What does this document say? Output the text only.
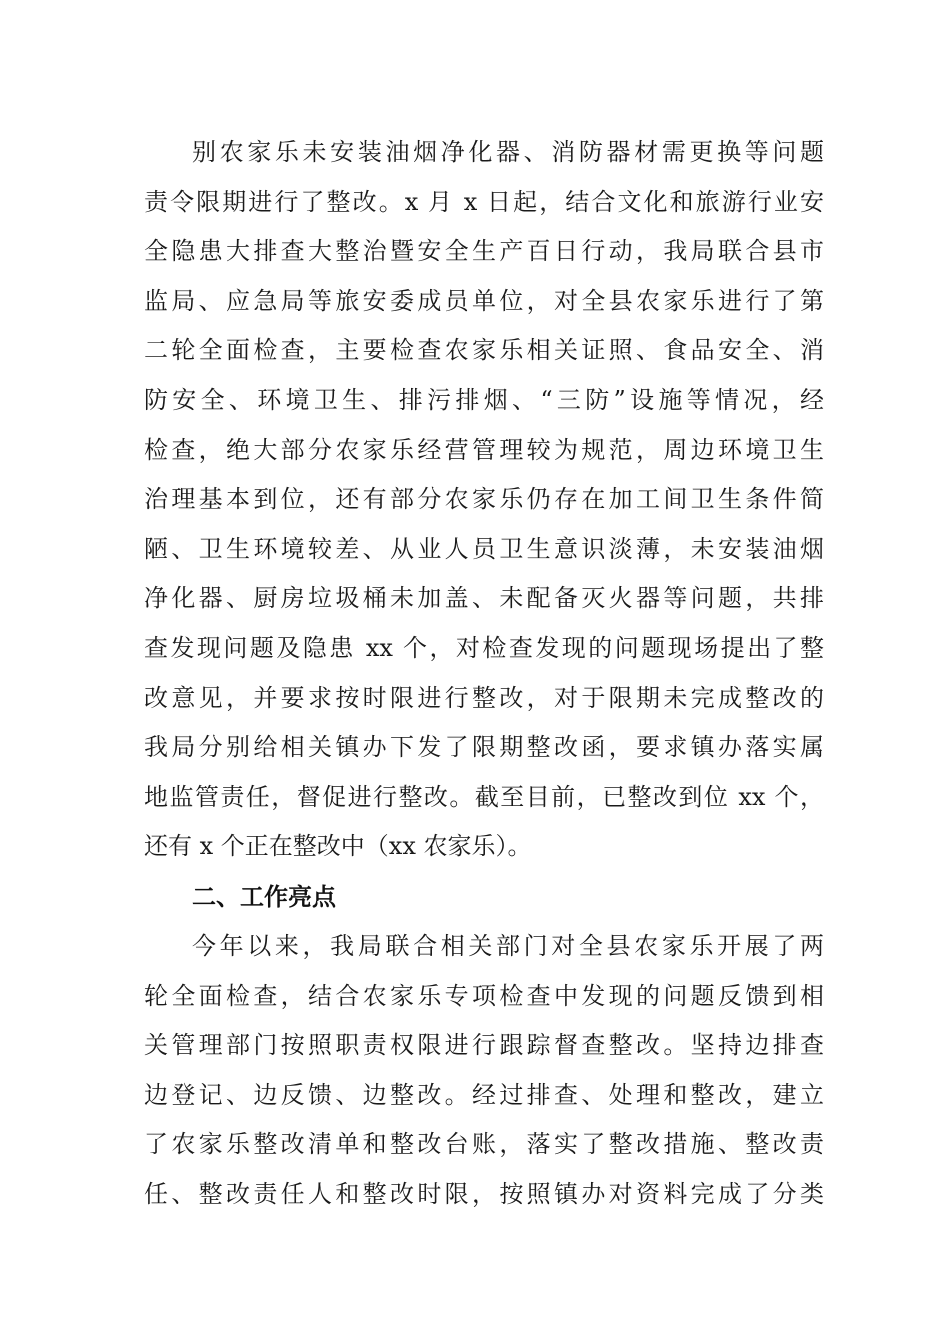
别农家乐未安装油烟净化器、消防器材需更换等问题
责令限期进行了整改。x 月 x 日起，结合文化和旅游行业安
全隐患大排查大整治暨安全生产百日行动，我局联合县市
监局、应急局等旅安委成员单位，对全县农家乐进行了第
二轮全面检查，主要检查农家乐相关证照、食品安全、消
防安全、环境卫生、排污排烟、“三防”设施等情况，经
检查，绝大部分农家乐经营管理较为规范，周边环境卫生
治理基本到位，还有部分农家乐仍存在加工间卫生条件简
陋、卫生环境较差、从业人员卫生意识淡薄，未安装油烟
净化器、厨房垃圾桶未加盖、未配备灭火器等问题，共排
查发现问题及隐患 xx 个，对检查发现的问题现场提出了整
改意见，并要求按时限进行整改，对于限期未完成整改的
我局分别给相关镇办下发了限期整改函，要求镇办落实属
地监管责任，督促进行整改。截至目前，已整改到位 xx 个，
还有 x 个正在整改中（xx 农家乐）。
二、工作亮点
今年以来，我局联合相关部门对全县农家乐开展了两
轮全面检查，结合农家乐专项检查中发现的问题反馈到相
关管理部门按照职责权限进行跟踪督查整改。坚持边排查
边登记、边反馈、边整改。经过排查、处理和整改，建立
了农家乐整改清单和整改台账，落实了整改措施、整改责
任、整改责任人和整改时限，按照镇办对资料完成了分类
